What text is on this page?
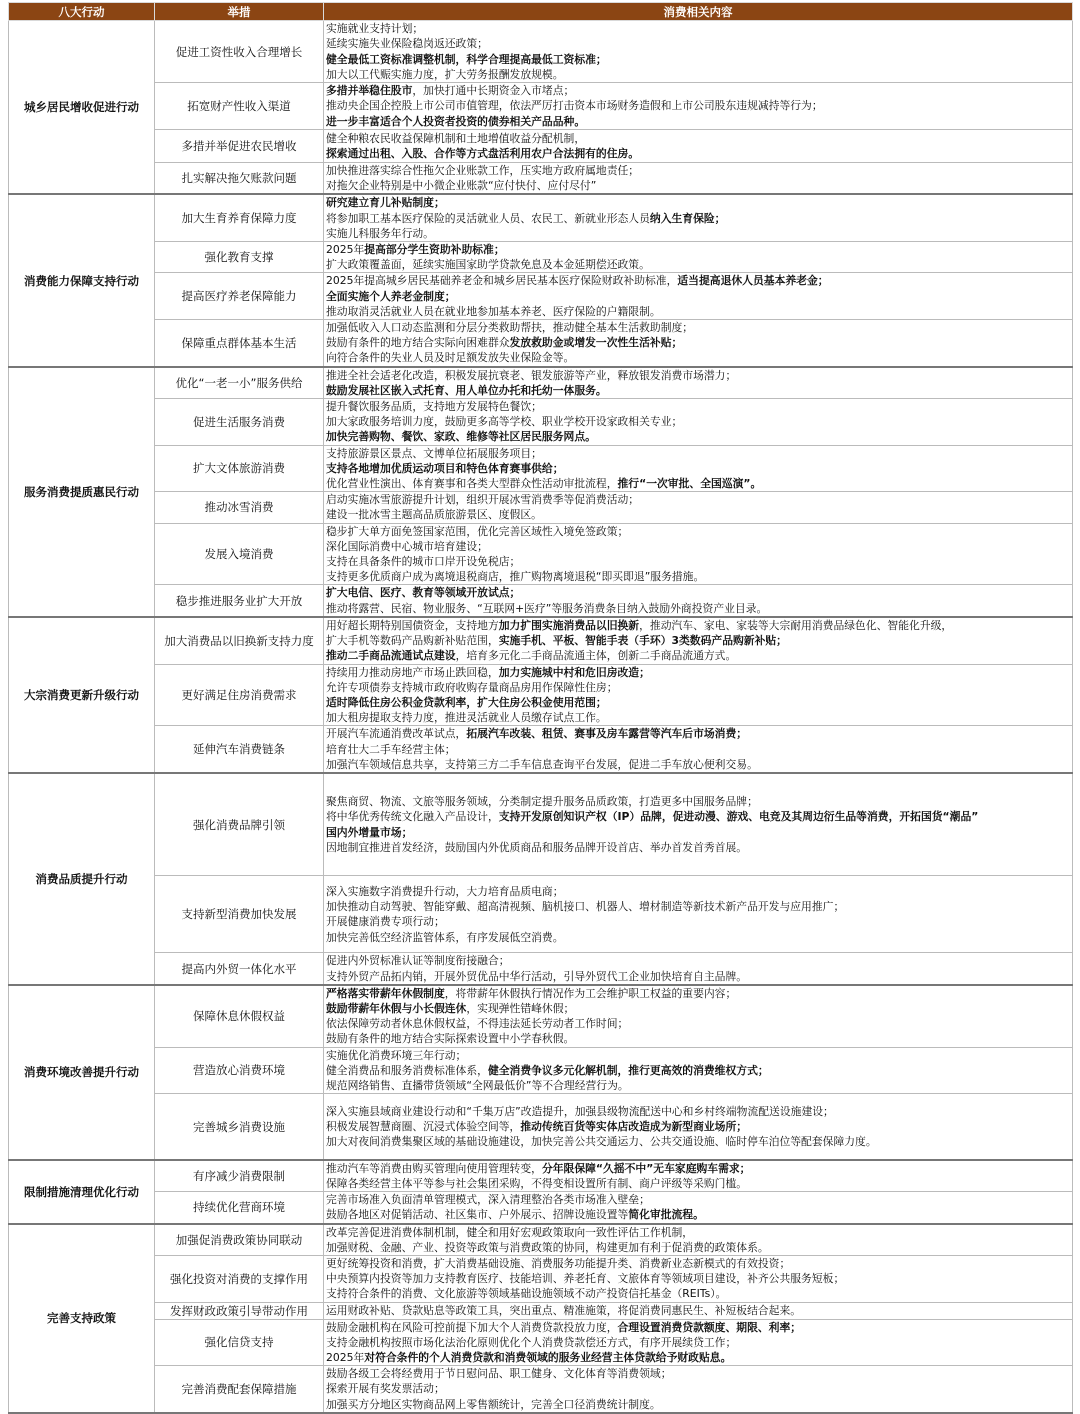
八大行动	举措	消费相关内容
城乡居民增收促进行动	促进工资性收入合理增长	实施就业支持计划；
延续实施失业保险稳岗返还政策；
健全最低工资标准调整机制，科学合理提高最低工资标准；
加大以工代赈实施力度，扩大劳务报酬发放规模。

	拓宽财产性收入渠道	多措并举稳住股市，加快打通中长期资金入市堵点；
推动央企国企控股上市公司市值管理，依法严厉打击资本市场财务造假和上市公司股东违规减持等行为；
进一步丰富适合个人投资者投资的债券相关产品品种。

	多措并举促进农民增收	健全种粮农民收益保障机制和土地增值收益分配机制，
探索通过出租、入股、合作等方式盘活利用农户合法拥有的住房。

	扎实解决拖欠账款问题	加快推进落实综合性拖欠企业账款工作，压实地方政府属地责任；
对拖欠企业特别是中小微企业账款“应付快付、应付尽付”

消费能力保障支持行动	加大生育养育保障力度	研究建立育儿补贴制度；
将参加职工基本医疗保险的灵活就业人员、农民工、新就业形态人员纳入生育保险；
实施儿科服务年行动。

	强化教育支撑	2025年提高部分学生资助补助标准；
扩大政策覆盖面，延续实施国家助学贷款免息及本金延期偿还政策。

	提高医疗养老保障能力	2025年提高城乡居民基础养老金和城乡居民基本医疗保险财政补助标准，适当提高退休人员基本养老金；
全面实施个人养老金制度；
推动取消灵活就业人员在就业地参加基本养老、医疗保险的户籍限制。

	保障重点群体基本生活	加强低收入人口动态监测和分层分类救助帮扶，推动健全基本生活救助制度；
鼓励有条件的地方结合实际向困难群众发放救助金或增发一次性生活补贴；
向符合条件的失业人员及时足额发放失业保险金等。

服务消费提质惠民行动	优化“一老一小”服务供给	推进全社会适老化改造，积极发展抗衰老、银发旅游等产业，释放银发消费市场潜力；
鼓励发展社区嵌入式托育、用人单位办托和托幼一体服务。

	促进生活服务消费	提升餐饮服务品质，支持地方发展特色餐饮；
加大家政服务培训力度，鼓励更多高等学校、职业学校开设家政相关专业；
加快完善购物、餐饮、家政、维修等社区居民服务网点。

	扩大文体旅游消费	支持旅游景区景点、文博单位拓展服务项目；
支持各地增加优质运动项目和特色体育赛事供给；
优化营业性演出、体育赛事和各类大型群众性活动审批流程，推行“一次审批、全国巡演”。

	推动冰雪消费	启动实施冰雪旅游提升计划，组织开展冰雪消费季等促消费活动；
建设一批冰雪主题高品质旅游景区、度假区。

	发展入境消费	稳步扩大单方面免签国家范围，优化完善区域性入境免签政策；
深化国际消费中心城市培育建设；
支持在具备条件的城市口岸开设免税店；
支持更多优质商户成为离境退税商店，推广购物离境退税“即买即退”服务措施。

	稳步推进服务业扩大开放	扩大电信、医疗、教育等领域开放试点；
推动将露营、民宿、物业服务、“互联网+医疗”等服务消费条目纳入鼓励外商投资产业目录。

大宗消费更新升级行动	加大消费品以旧换新支持力度	用好超长期特别国债资金，支持地方加力扩围实施消费品以旧换新，推动汽车、家电、家装等大宗耐用消费品绿色化、智能化升级，
扩大手机等数码产品购新补贴范围，实施手机、平板、智能手表（手环）3类数码产品购新补贴；
推动二手商品流通试点建设，培育多元化二手商品流通主体，创新二手商品流通方式。

	更好满足住房消费需求	持续用力推动房地产市场止跌回稳，加力实施城中村和危旧房改造；
允许专项债券支持城市政府收购存量商品房用作保障性住房；
适时降低住房公积金贷款利率，扩大住房公积金使用范围；
加大租房提取支持力度，推进灵活就业人员缴存试点工作。

	延伸汽车消费链条	开展汽车流通消费改革试点，拓展汽车改装、租赁、赛事及房车露营等汽车后市场消费；
培育壮大二手车经营主体；
加强汽车领域信息共享，支持第三方二手车信息查询平台发展，促进二手车放心便利交易。

消费品质提升行动	强化消费品牌引领	聚焦商贸、物流、文旅等服务领域，分类制定提升服务品质政策，打造更多中国服务品牌；
将中华优秀传统文化融入产品设计，支持开发原创知识产权（IP）品牌，促进动漫、游戏、电竞及其周边衍生品等消费，开拓国货“潮品”
国内外增量市场；
因地制宜推进首发经济，鼓励国内外优质商品和服务品牌开设首店、举办首发首秀首展。

	支持新型消费加快发展	深入实施数字消费提升行动，大力培育品质电商；
加快推动自动驾驶、智能穿戴、超高清视频、脑机接口、机器人、增材制造等新技术新产品开发与应用推广；
开展健康消费专项行动；
加快完善低空经济监管体系，有序发展低空消费。

	提高内外贸一体化水平	促进内外贸标准认证等制度衔接融合；
支持外贸产品拓内销，开展外贸优品中华行活动，引导外贸代工企业加快培育自主品牌。

消费环境改善提升行动	保障休息休假权益	严格落实带薪年休假制度，将带薪年休假执行情况作为工会维护职工权益的重要内容；
鼓励带薪年休假与小长假连休，实现弹性错峰休假；
依法保障劳动者休息休假权益，不得违法延长劳动者工作时间；
鼓励有条件的地方结合实际探索设置中小学春秋假。

	营造放心消费环境	实施优化消费环境三年行动；
健全消费品和服务消费标准体系，健全消费争议多元化解机制，推行更高效的消费维权方式；
规范网络销售、直播带货领域“全网最低价”等不合理经营行为。

	完善城乡消费设施	深入实施县域商业建设行动和“千集万店”改造提升，加强县级物流配送中心和乡村终端物流配送设施建设；
积极发展智慧商圈、沉浸式体验空间等，推动传统百货等实体店改造成为新型商业场所；
加大对夜间消费集聚区域的基础设施建设，加快完善公共交通运力、公共交通设施、临时停车泊位等配套保障力度。

限制措施清理优化行动	有序减少消费限制	推动汽车等消费由购买管理向使用管理转变，分年限保障“久摇不中”无车家庭购车需求；
保障各类经营主体平等参与社会集团采购，不得变相设置所有制、商户评级等采购门槛。

	持续优化营商环境	完善市场准入负面清单管理模式，深入清理整治各类市场准入壁垒；
鼓励各地区对促销活动、社区集市、户外展示、招牌设施设置等简化审批流程。

完善支持政策	加强促消费政策协同联动	改革完善促进消费体制机制，健全和用好宏观政策取向一致性评估工作机制，
加强财税、金融、产业、投资等政策与消费政策的协同，构建更加有利于促消费的政策体系。

	强化投资对消费的支撑作用	更好统筹投资和消费，扩大消费基础设施、消费服务功能提升类、消费新业态新模式的有效投资；
中央预算内投资等加力支持教育医疗、技能培训、养老托育、文旅体育等领域项目建设，补齐公共服务短板；
支持符合条件的消费、文化旅游等领域基础设施领域不动产投资信托基金（REITs）。

	发挥财政政策引导带动作用	运用财政补贴、贷款贴息等政策工具，突出重点、精准施策，将促消费同惠民生、补短板结合起来。

	强化信贷支持	鼓励金融机构在风险可控前提下加大个人消费贷款投放力度，合理设置消费贷款额度、期限、利率；
支持金融机构按照市场化法治化原则优化个人消费贷款偿还方式，有序开展续贷工作；
2025年对符合条件的个人消费贷款和消费领域的服务业经营主体贷款给予财政贴息。

	完善消费配套保障措施	鼓励各级工会将经费用于节日慰问品、职工健身、文化体育等消费领域；
探索开展有奖发票活动；
加强买方分地区实物商品网上零售额统计，完善全口径消费统计制度。
